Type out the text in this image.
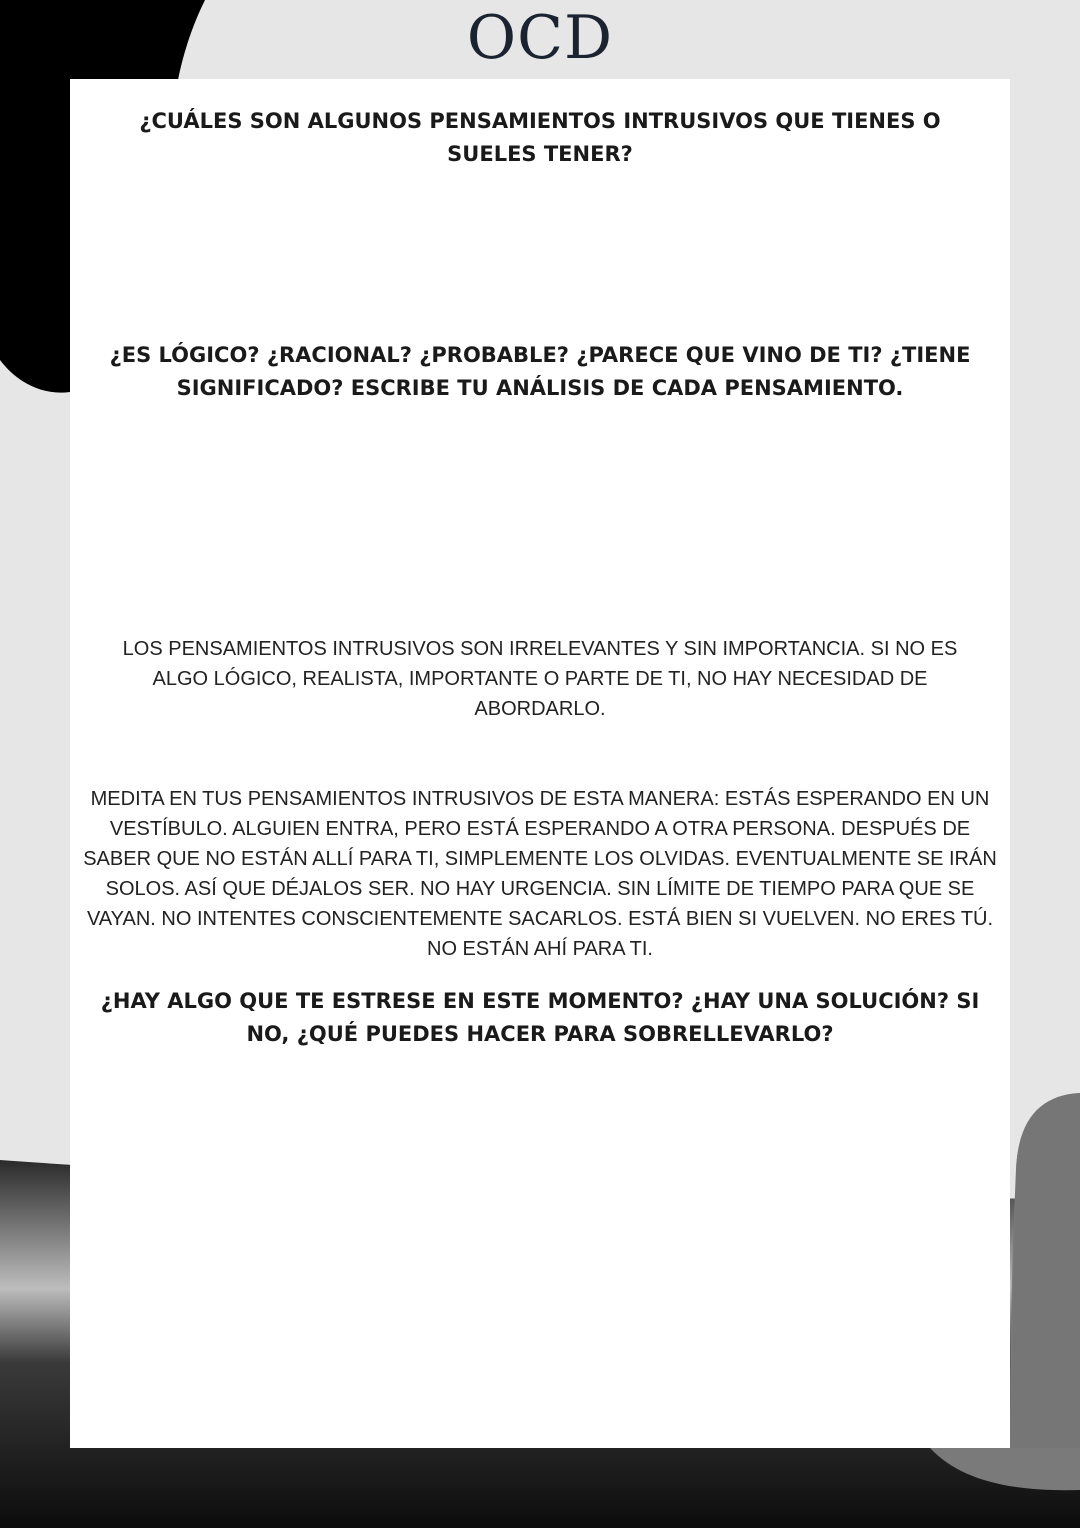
OCD
¿CUÁLES SON ALGUNOS PENSAMIENTOS INTRUSIVOS QUE TIENES O SUELES TENER?
¿ES LÓGICO? ¿RACIONAL? ¿PROBABLE? ¿PARECE QUE VINO DE TI? ¿TIENE SIGNIFICADO? ESCRIBE TU ANÁLISIS DE CADA PENSAMIENTO.
LOS PENSAMIENTOS INTRUSIVOS SON IRRELEVANTES Y SIN IMPORTANCIA. SI NO ES ALGO LÓGICO, REALISTA, IMPORTANTE O PARTE DE TI, NO HAY NECESIDAD DE ABORDARLO.
MEDITA EN TUS PENSAMIENTOS INTRUSIVOS DE ESTA MANERA: ESTÁS ESPERANDO EN UN VESTÍBULO. ALGUIEN ENTRA, PERO ESTÁ ESPERANDO A OTRA PERSONA. DESPUÉS DE SABER QUE NO ESTÁN ALLÍ PARA TI, SIMPLEMENTE LOS OLVIDAS. EVENTUALMENTE SE IRÁN SOLOS. ASÍ QUE DÉJALOS SER. NO HAY URGENCIA. SIN LÍMITE DE TIEMPO PARA QUE SE VAYAN. NO INTENTES CONSCIENTEMENTE SACARLOS. ESTÁ BIEN SI VUELVEN. NO ERES TÚ. NO ESTÁN AHÍ PARA TI.
¿HAY ALGO QUE TE ESTRESE EN ESTE MOMENTO? ¿HAY UNA SOLUCIÓN? SI NO, ¿QUÉ PUEDES HACER PARA SOBRELLEVARLO?
